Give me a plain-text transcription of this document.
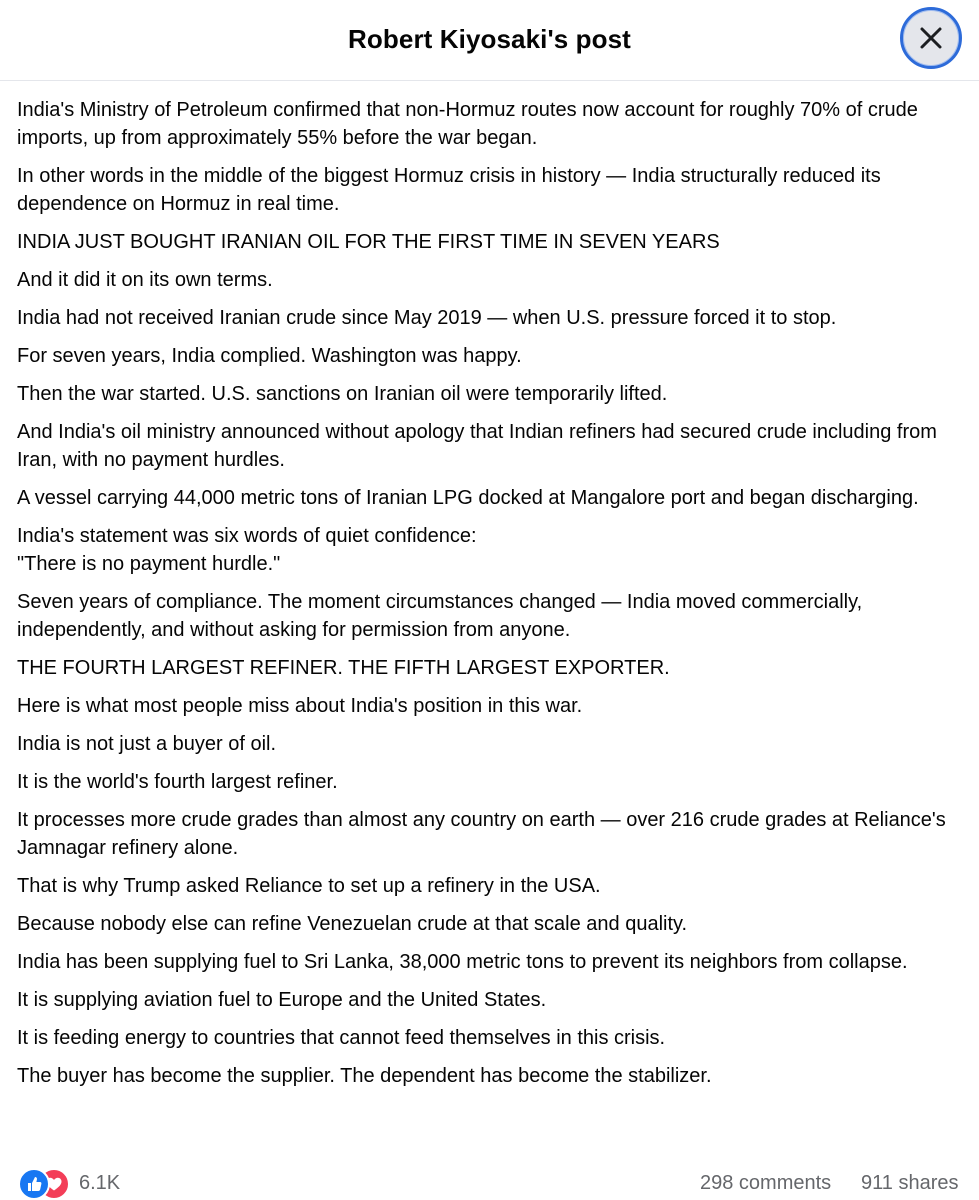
Robert Kiyosaki's post

India's Ministry of Petroleum confirmed that non-Hormuz routes now account for roughly 70% of crude imports, up from approximately 55% before the war began.

In other words in the middle of the biggest Hormuz crisis in history — India structurally reduced its dependence on Hormuz in real time.

INDIA JUST BOUGHT IRANIAN OIL FOR THE FIRST TIME IN SEVEN YEARS

And it did it on its own terms.

India had not received Iranian crude since May 2019 — when U.S. pressure forced it to stop.

For seven years, India complied. Washington was happy.

Then the war started. U.S. sanctions on Iranian oil were temporarily lifted.

And India's oil ministry announced without apology that Indian refiners had secured crude including from Iran, with no payment hurdles.

A vessel carrying 44,000 metric tons of Iranian LPG docked at Mangalore port and began discharging.

India's statement was six words of quiet confidence:
"There is no payment hurdle."

Seven years of compliance. The moment circumstances changed — India moved commercially, independently, and without asking for permission from anyone.

THE FOURTH LARGEST REFINER. THE FIFTH LARGEST EXPORTER.

Here is what most people miss about India's position in this war.

India is not just a buyer of oil.

It is the world's fourth largest refiner.

It processes more crude grades than almost any country on earth — over 216 crude grades at Reliance's Jamnagar refinery alone.

That is why Trump asked Reliance to set up a refinery in the USA.

Because nobody else can refine Venezuelan crude at that scale and quality.

India has been supplying fuel to Sri Lanka, 38,000 metric tons to prevent its neighbors from collapse.

It is supplying aviation fuel to Europe and the United States.

It is feeding energy to countries that cannot feed themselves in this crisis.

The buyer has become the supplier. The dependent has become the stabilizer.

6.1K	298 comments 911 shares
